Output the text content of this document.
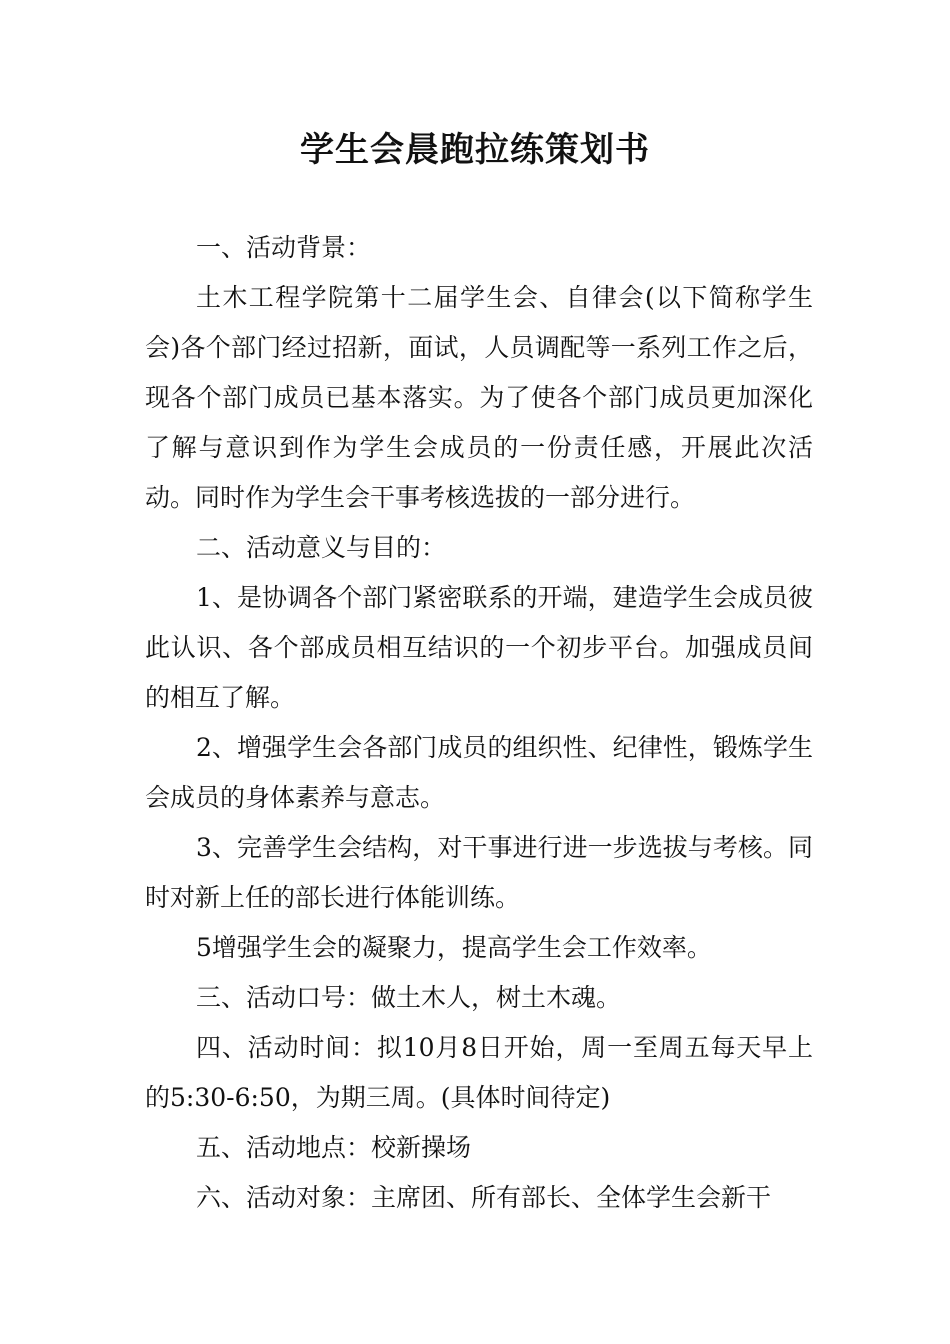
学生会晨跑拉练策划书

一、活动背景：

土木工程学院第十二届学生会、自律会(以下简称学生会)各个部门经过招新，面试，人员调配等一系列工作之后，现各个部门成员已基本落实。为了使各个部门成员更加深化了解与意识到作为学生会成员的一份责任感，开展此次活动。同时作为学生会干事考核选拔的一部分进行。

二、活动意义与目的：

1、是协调各个部门紧密联系的开端，建造学生会成员彼此认识、各个部成员相互结识的一个初步平台。加强成员间的相互了解。

2、增强学生会各部门成员的组织性、纪律性，锻炼学生会成员的身体素养与意志。

3、完善学生会结构，对干事进行进一步选拔与考核。同时对新上任的部长进行体能训练。

5增强学生会的凝聚力，提高学生会工作效率。

三、活动口号：做土木人，树土木魂。

四、活动时间：拟10月8日开始，周一至周五每天早上的5:30-6:50，为期三周。(具体时间待定)

五、活动地点：校新操场

六、活动对象：主席团、所有部长、全体学生会新干
